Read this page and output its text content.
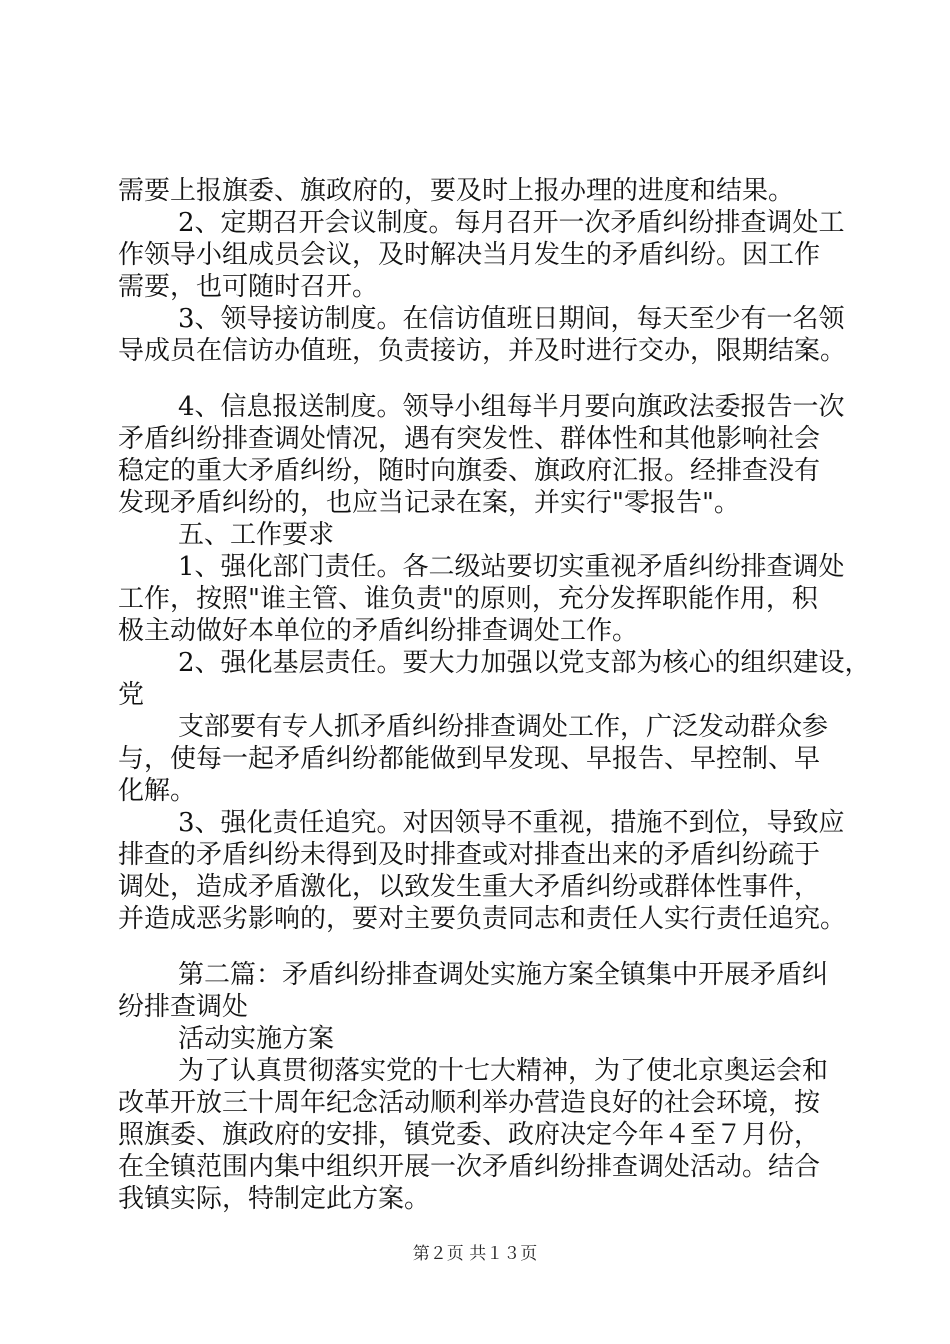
需要上报旗委、旗政府的，要及时上报办理的进度和结果。
2、定期召开会议制度。每月召开一次矛盾纠纷排查调处工
作领导小组成员会议，及时解决当月发生的矛盾纠纷。因工作
需要，也可随时召开。
3、领导接访制度。在信访值班日期间，每天至少有一名领
导成员在信访办值班，负责接访，并及时进行交办，限期结案。
4、信息报送制度。领导小组每半月要向旗政法委报告一次
矛盾纠纷排查调处情况，遇有突发性、群体性和其他影响社会
稳定的重大矛盾纠纷，随时向旗委、旗政府汇报。经排查没有
发现矛盾纠纷的，也应当记录在案，并实行"零报告"。
五、工作要求
1、强化部门责任。各二级站要切实重视矛盾纠纷排查调处
工作，按照"谁主管、谁负责"的原则，充分发挥职能作用，积
极主动做好本单位的矛盾纠纷排查调处工作。
2、强化基层责任。要大力加强以党支部为核心的组织建设，
党
支部要有专人抓矛盾纠纷排查调处工作，广泛发动群众参
与，使每一起矛盾纠纷都能做到早发现、早报告、早控制、早
化解。
3、强化责任追究。对因领导不重视，措施不到位，导致应
排查的矛盾纠纷未得到及时排查或对排查出来的矛盾纠纷疏于
调处，造成矛盾激化，以致发生重大矛盾纠纷或群体性事件，
并造成恶劣影响的，要对主要负责同志和责任人实行责任追究。
第二篇：矛盾纠纷排查调处实施方案全镇集中开展矛盾纠
纷排查调处
活动实施方案
为了认真贯彻落实党的十七大精神，为了使北京奥运会和
改革开放三十周年纪念活动顺利举办营造良好的社会环境，按
照旗委、旗政府的安排，镇党委、政府决定今年４至７月份，
在全镇范围内集中组织开展一次矛盾纠纷排查调处活动。结合
我镇实际，特制定此方案。
第２页 共１３页
